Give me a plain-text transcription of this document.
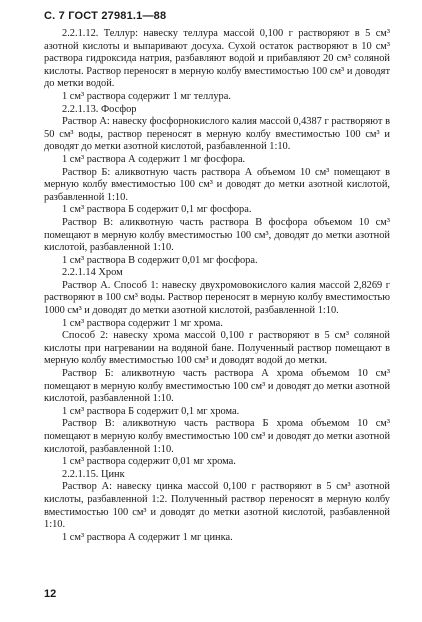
С. 7 ГОСТ 27981.1—88

2.2.1.12. Теллур: навеску теллура массой 0,100 г растворяют в 5 см³ азотной кислоты и выпаривают досуха. Сухой остаток растворяют в 10 см³ раствора гидроксида натрия, разбавляют водой и прибавляют 20 см³ соляной кислоты. Раствор переносят в мерную колбу вместимостью 100 см³ и доводят до метки водой.

1 см³ раствора содержит 1 мг теллура.

2.2.1.13. Фосфор

Раствор А: навеску фосфорнокислого калия массой 0,4387 г растворяют в 50 см³ воды, раствор переносят в мерную колбу вместимостью 100 см³ и доводят до метки азотной кислотой, разбавленной 1:10.

1 см³ раствора А содержит 1 мг фосфора.

Раствор Б: аликвотную часть раствора А объемом 10 см³ помещают в мерную колбу вместимостью 100 см³ и доводят до метки азотной кислотой, разбавленной 1:10.

1 см³ раствора Б содержит 0,1 мг фосфора.

Раствор В: аликвотную часть раствора В фосфора объемом 10 см³ помещают в мерную колбу вместимостью 100 см³, доводят до метки азотной кислотой, разбавленной 1:10.

1 см³ раствора В содержит 0,01 мг фосфора.

2.2.1.14 Хром

Раствор А. Способ 1: навеску двухромовокислого калия массой 2,8269 г растворяют в 100 см³ воды. Раствор переносят в мерную колбу вместимостью 1000 см³ и доводят до метки азотной кислотой, разбавленной 1:10.

1 см³ раствора содержит 1 мг хрома.

Способ 2: навеску хрома массой 0,100 г растворяют в 5 см³ соляной кислоты при нагревании на водяной бане. Полученный раствор помещают в мерную колбу вместимостью 100 см³ и доводят водой до метки.

Раствор Б: аликвотную часть раствора А хрома объемом 10 см³ помещают в мерную колбу вместимостью 100 см³ и доводят до метки азотной кислотой, разбавленной 1:10.

1 см³ раствора Б содержит 0,1 мг хрома.

Раствор В: аликвотную часть раствора Б хрома объемом 10 см³ помещают в мерную колбу вместимостью 100 см³ и доводят до метки азотной кислотой, разбавленной 1:10.

1 см³ раствора содержит 0,01 мг хрома.

2.2.1.15. Цинк

Раствор А: навеску цинка массой 0,100 г растворяют в 5 см³ азотной кислоты, разбавленной 1:2. Полученный раствор переносят в мерную колбу вместимостью 100 см³ и доводят до метки азотной кислотой, разбавленной 1:10.

1 см³ раствора А содержит 1 мг цинка.

12
